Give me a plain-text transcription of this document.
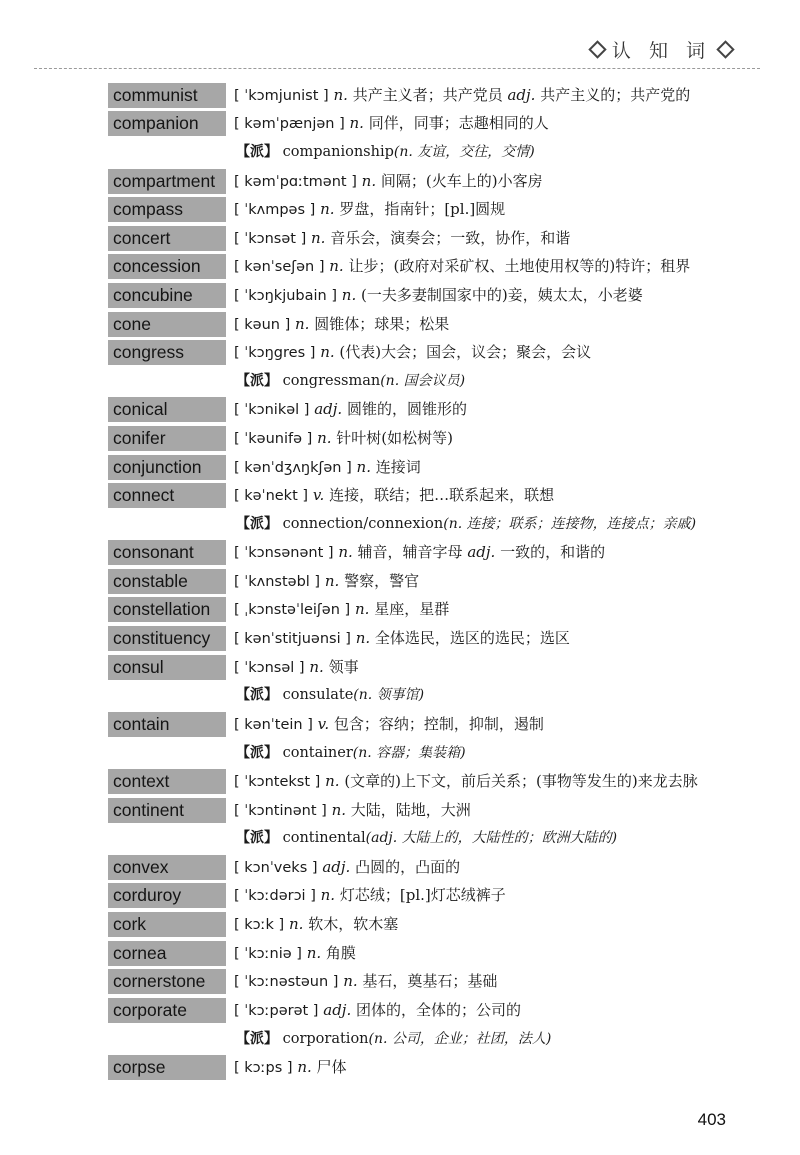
认 知 词
communist	[ ˈkɔmjunist ] n. 共产主义者；共产党员 adj. 共产主义的；共产党的
companion	[ kəmˈpænjən ] n. 同伴，同事；志趣相同的人
【派】 companionship(n. 友谊，交往，交情)
compartment	[ kəmˈpɑːtmənt ] n. 间隔；(火车上的)小客房
compass	[ ˈkʌmpəs ] n. 罗盘，指南针；[pl.]圆规
concert	[ ˈkɔnsət ] n. 音乐会，演奏会；一致，协作，和谐
concession	[ kənˈseʃən ] n. 让步；(政府对采矿权、土地使用权等的)特许；租界
concubine	[ ˈkɔŋkjubain ] n. (一夫多妻制国家中的)妾，姨太太，小老婆
cone	[ kəun ] n. 圆锥体；球果；松果
congress	[ ˈkɔŋgres ] n. (代表)大会；国会，议会；聚会，会议
【派】 congressman(n. 国会议员)
conical	[ ˈkɔnikəl ] adj. 圆锥的，圆锥形的
conifer	[ ˈkəunifə ] n. 针叶树(如松树等)
conjunction	[ kənˈdʒʌŋkʃən ] n. 连接词
connect	[ kəˈnekt ] v. 连接，联结；把…联系起来，联想
【派】 connection/connexion(n. 连接；联系；连接物，连接点；亲戚)
consonant	[ ˈkɔnsənənt ] n. 辅音，辅音字母 adj. 一致的，和谐的
constable	[ ˈkʌnstəbl ] n. 警察，警官
constellation	[ ˌkɔnstəˈleiʃən ] n. 星座，星群
constituency	[ kənˈstitjuənsi ] n. 全体选民，选区的选民；选区
consul	[ ˈkɔnsəl ] n. 领事
【派】 consulate(n. 领事馆)
contain	[ kənˈtein ] v. 包含；容纳；控制，抑制，遏制
【派】 container(n. 容器；集装箱)
context	[ ˈkɔntekst ] n. (文章的)上下文，前后关系；(事物等发生的)来龙去脉
continent	[ ˈkɔntinənt ] n. 大陆，陆地，大洲
【派】 continental(adj. 大陆上的，大陆性的；欧洲大陆的)
convex	[ kɔnˈveks ] adj. 凸圆的，凸面的
corduroy	[ ˈkɔːdərɔi ] n. 灯芯绒；[pl.]灯芯绒裤子
cork	[ kɔːk ] n. 软木，软木塞
cornea	[ ˈkɔːniə ] n. 角膜
cornerstone	[ ˈkɔːnəstəun ] n. 基石，奠基石；基础
corporate	[ ˈkɔːpərət ] adj. 团体的，全体的；公司的
【派】 corporation(n. 公司，企业；社团，法人)
corpse	[ kɔːps ] n. 尸体
403
